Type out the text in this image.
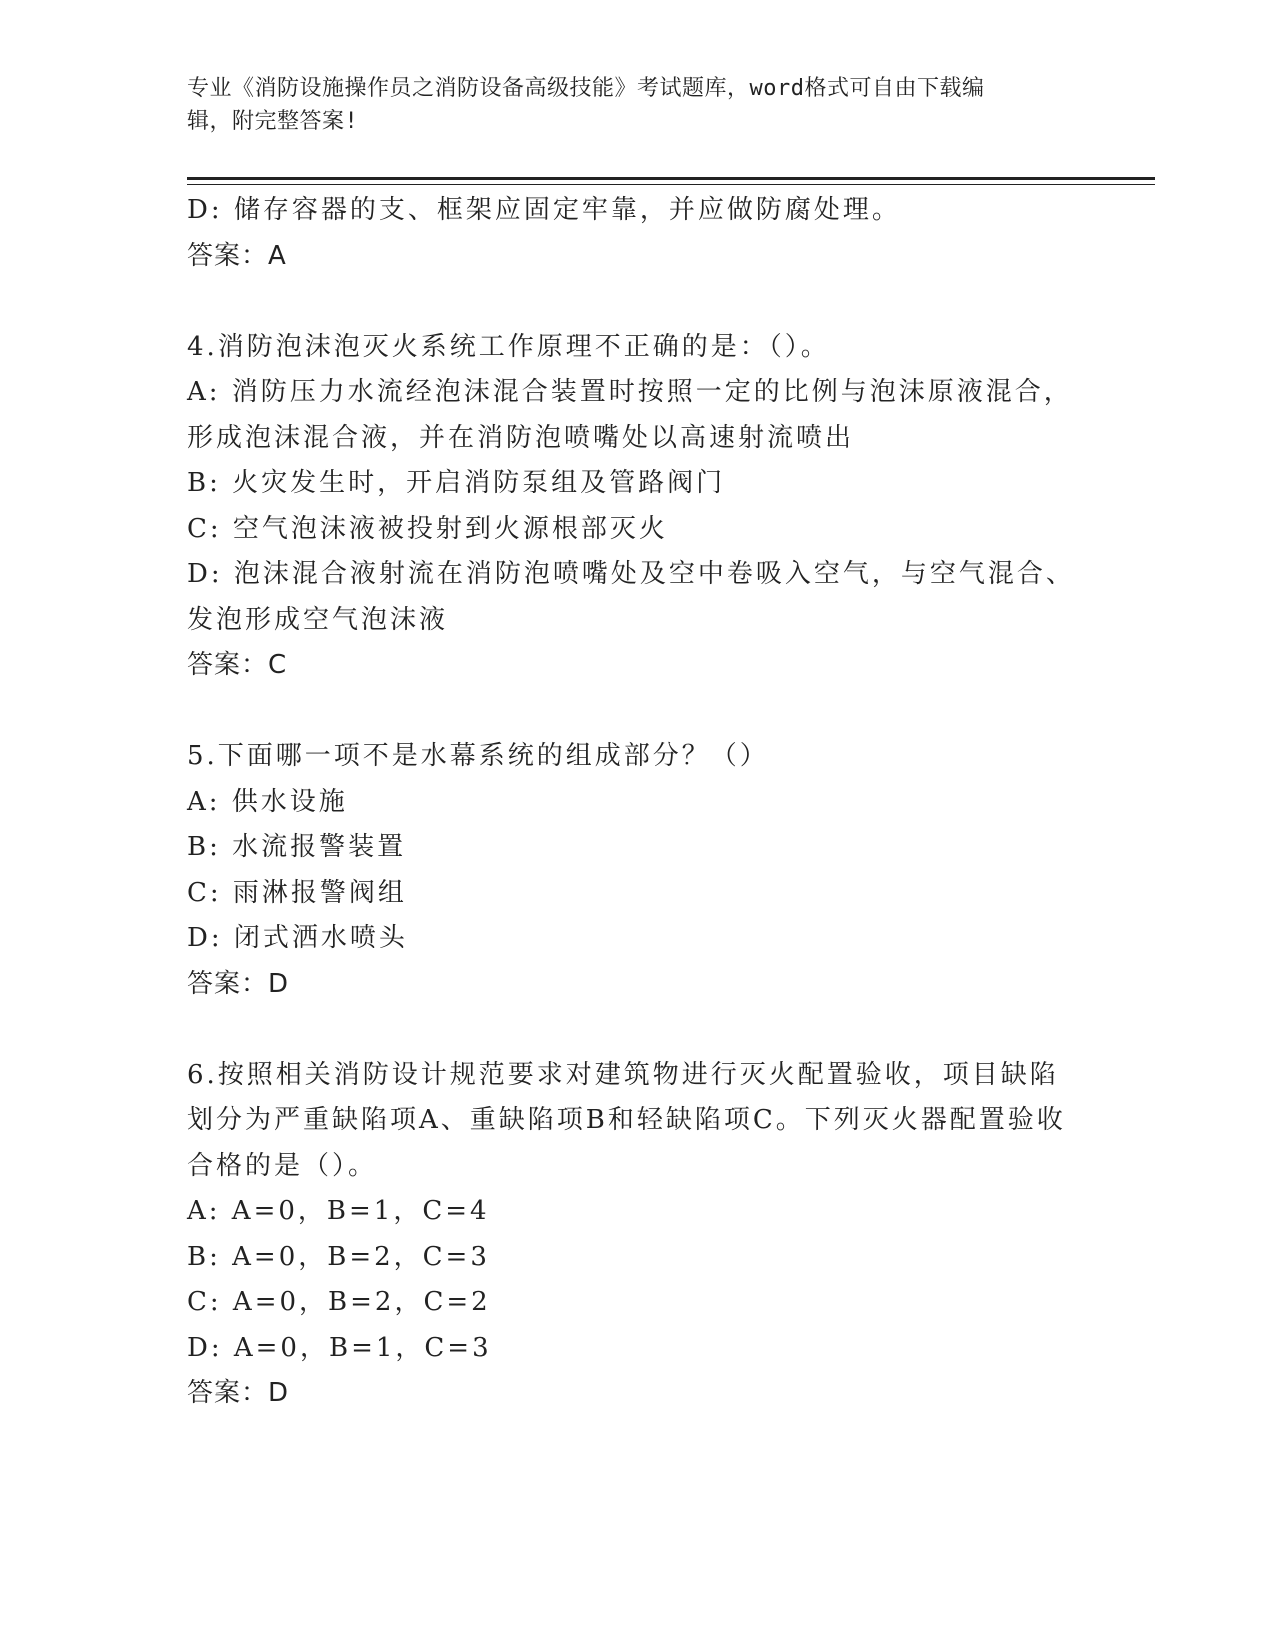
专业《消防设施操作员之消防设备高级技能》考试题库，word格式可自由下载编
辑，附完整答案!
D: 储存容器的支、框架应固定牢靠，并应做防腐处理。
答案：A
4.消防泡沫泡灭火系统工作原理不正确的是：（）。
A: 消防压力水流经泡沫混合装置时按照一定的比例与泡沫原液混合，
形成泡沫混合液，并在消防泡喷嘴处以高速射流喷出
B: 火灾发生时，开启消防泵组及管路阀门
C: 空气泡沫液被投射到火源根部灭火
D: 泡沫混合液射流在消防泡喷嘴处及空中卷吸入空气，与空气混合、
发泡形成空气泡沫液
答案：C
5.下面哪一项不是水幕系统的组成部分？（）
A: 供水设施
B: 水流报警装置
C: 雨淋报警阀组
D: 闭式洒水喷头
答案：D
6.按照相关消防设计规范要求对建筑物进行灭火配置验收，项目缺陷
划分为严重缺陷项A、重缺陷项B和轻缺陷项C。下列灭火器配置验收
合格的是（）。
A: A=0，B=1，C=4
B: A=0，B=2，C=3
C: A=0，B=2，C=2
D: A=0，B=1，C=3
答案：D
